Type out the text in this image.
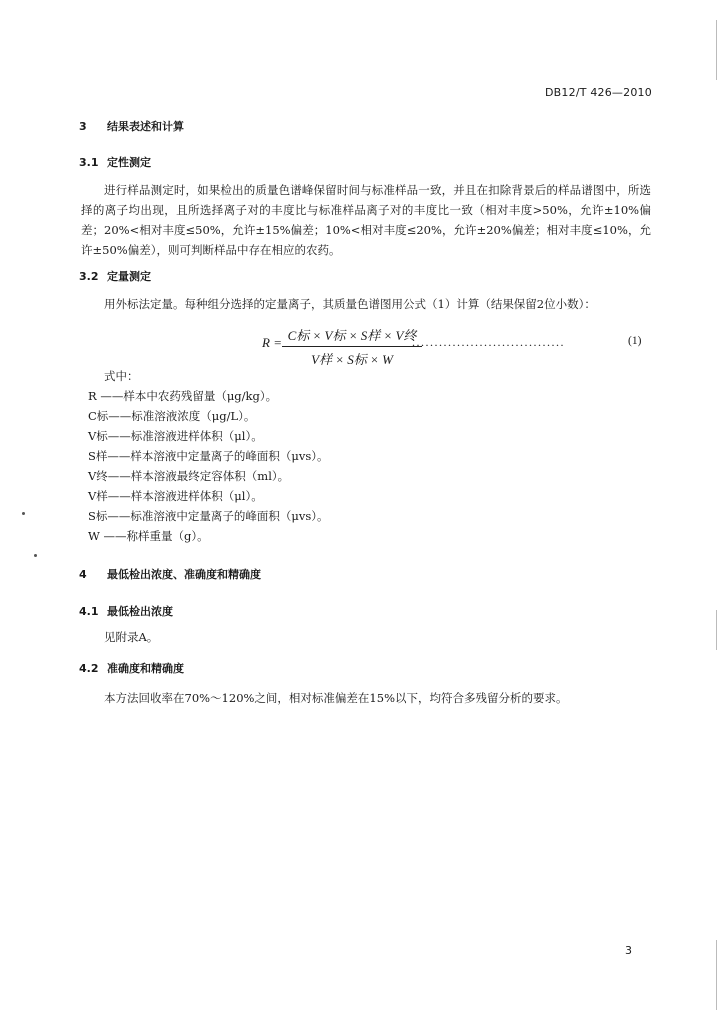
DB12/T 426—2010
3 结果表述和计算
3.1 定性测定
进行样品测定时，如果检出的质量色谱峰保留时间与标准样品一致，并且在扣除背景后的样品谱图中，所选择的离子均出现，且所选择离子对的丰度比与标准样品离子对的丰度比一致（相对丰度>50%，允许±10%偏差；20%<相对丰度≤50%，允许±15%偏差；10%<相对丰度≤20%，允许±20%偏差；相对丰度≤10%，允许±50%偏差），则可判断样品中存在相应的农药。
3.2 定量测定
用外标法定量。每种组分选择的定量离子，其质量色谱图用公式（1）计算（结果保留2位小数）：
R = C标 × V标 × S样 × V终
V样 × S标 × W
..................................	(1)
式中：
R ——样本中农药残留量（μg/kg）。
C标——标准溶液浓度（μg/L）。
V标——标准溶液进样体积（μl）。
S样——样本溶液中定量离子的峰面积（μvs）。
V终——样本溶液最终定容体积（ml）。
V样——样本溶液进样体积（μl）。
S标——标准溶液中定量离子的峰面积（μvs）。
W ——称样重量（g）。
4 最低检出浓度、准确度和精确度
4.1 最低检出浓度
见附录A。
4.2 准确度和精确度
本方法回收率在70%～120%之间，相对标准偏差在15%以下，均符合多残留分析的要求。
3
